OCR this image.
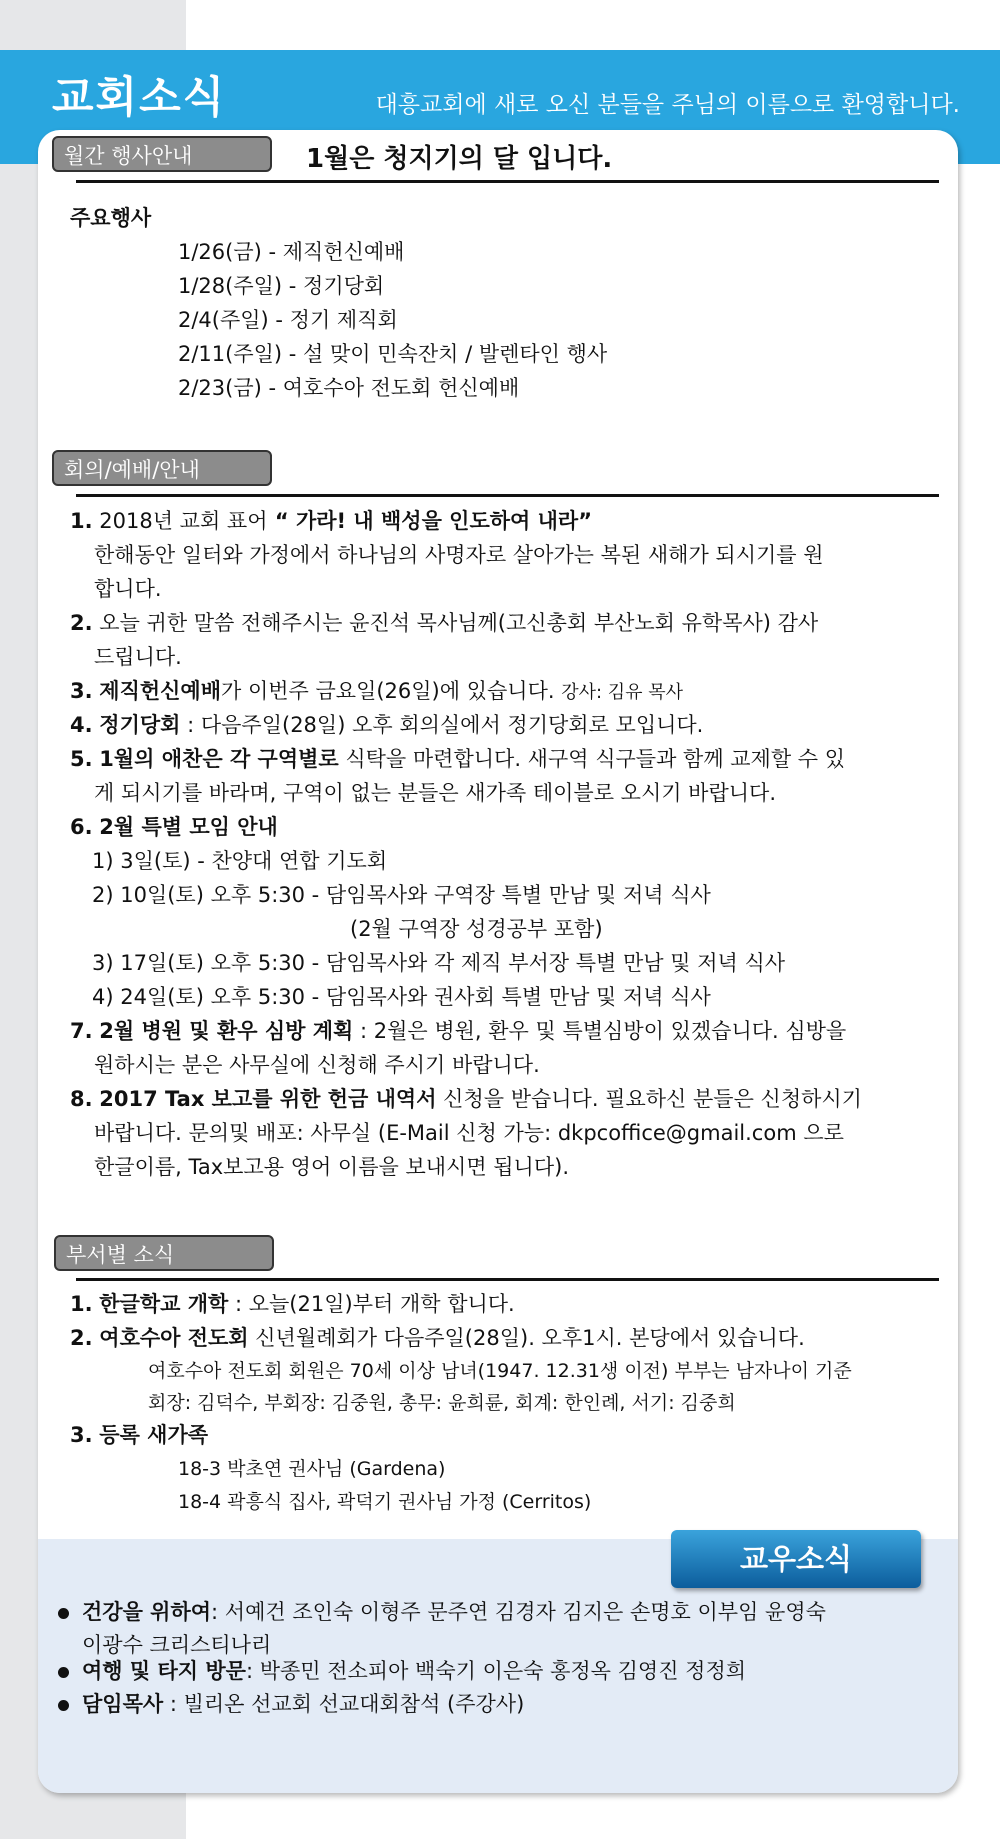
교회소식	대흥교회에 새로 오신 분들을 주님의 이름으로 환영합니다.
월간 행사안내	1월은 청지기의 달 입니다.
주요행사
1/26(금) - 제직헌신예배
1/28(주일) - 정기당회
2/4(주일) - 정기 제직회
2/11(주일) - 설 맞이 민속잔치 / 발렌타인 행사
2/23(금) - 여호수아 전도회 헌신예배
회의/예배/안내
1. 2018년 교회 표어 “ 가라! 내 백성을 인도하여 내라”
한해동안 일터와 가정에서 하나님의 사명자로 살아가는 복된 새해가 되시기를 원
합니다.
2. 오늘 귀한 말씀 전해주시는 윤진석 목사님께(고신총회 부산노회 유학목사) 감사
드립니다.
3. 제직헌신예배가 이번주 금요일(26일)에 있습니다. 강사: 김유 목사
4. 정기당회 : 다음주일(28일) 오후 회의실에서 정기당회로 모입니다.
5. 1월의 애찬은 각 구역별로 식탁을 마련합니다. 새구역 식구들과 함께 교제할 수 있
게 되시기를 바라며, 구역이 없는 분들은 새가족 테이블로 오시기 바랍니다.
6. 2월 특별 모임 안내
1) 3일(토) - 찬양대 연합 기도회
2) 10일(토) 오후 5:30 - 담임목사와 구역장 특별 만남 및 저녁 식사
(2월 구역장 성경공부 포함)
3) 17일(토) 오후 5:30 - 담임목사와 각 제직 부서장 특별 만남 및 저녁 식사
4) 24일(토) 오후 5:30 - 담임목사와 권사회 특별 만남 및 저녁 식사
7. 2월 병원 및 환우 심방 계획 : 2월은 병원, 환우 및 특별심방이 있겠습니다. 심방을
원하시는 분은 사무실에 신청해 주시기 바랍니다.
8. 2017 Tax 보고를 위한 헌금 내역서 신청을 받습니다. 필요하신 분들은 신청하시기
바랍니다. 문의및 배포: 사무실 (E-Mail 신청 가능: dkpcoffice@gmail.com 으로
한글이름, Tax보고용 영어 이름을 보내시면 됩니다).
부서별 소식
1. 한글학교 개학 : 오늘(21일)부터 개학 합니다.
2. 여호수아 전도회 신년월례회가 다음주일(28일). 오후1시. 본당에서 있습니다.
여호수아 전도회 회원은 70세 이상 남녀(1947. 12.31생 이전) 부부는 남자나이 기준
회장: 김덕수, 부회장: 김중원, 총무: 윤희륜, 회계: 한인례, 서기: 김중희
3. 등록 새가족
18-3 박초연 권사님 (Gardena)
18-4 곽흥식 집사, 곽덕기 권사님 가정 (Cerritos)
교우소식
건강을 위하여: 서예건 조인숙 이형주 문주연 김경자 김지은 손명호 이부임 윤영숙
이광수 크리스티나리
여행 및 타지 방문: 박종민 전소피아 백숙기 이은숙 홍정옥 김영진 정정희
담임목사 : 빌리온 선교회 선교대회참석 (주강사)
